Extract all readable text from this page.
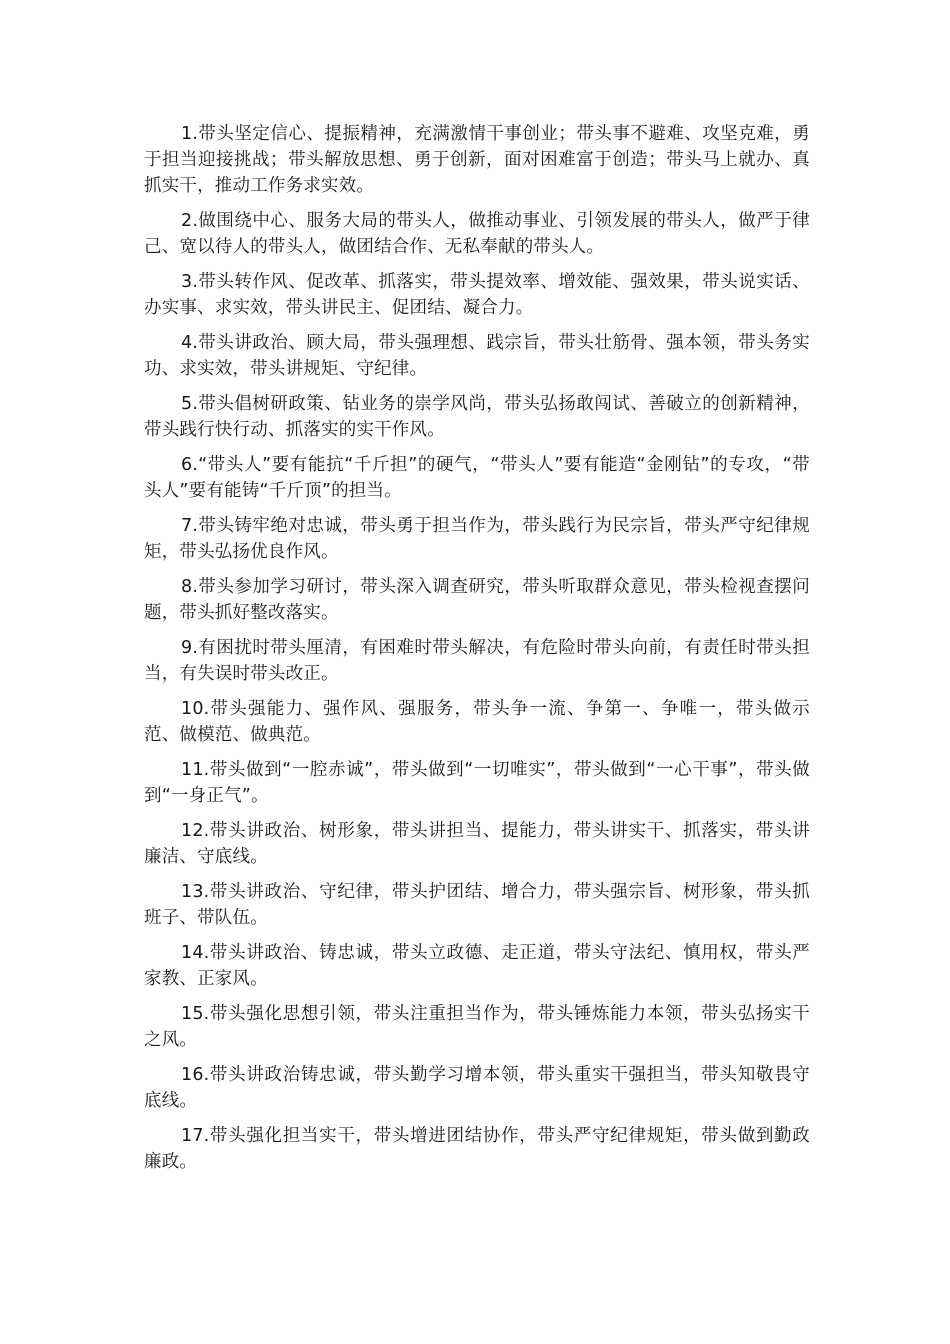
1.带头坚定信心、提振精神，充满激情干事创业；带头事不避难、攻坚克难，勇于担当迎接挑战；带头解放思想、勇于创新，面对困难富于创造；带头马上就办、真抓实干，推动工作务求实效。

2.做围绕中心、服务大局的带头人，做推动事业、引领发展的带头人，做严于律己、宽以待人的带头人，做团结合作、无私奉献的带头人。

3.带头转作风、促改革、抓落实，带头提效率、增效能、强效果，带头说实话、办实事、求实效，带头讲民主、促团结、凝合力。

4.带头讲政治、顾大局，带头强理想、践宗旨，带头壮筋骨、强本领，带头务实功、求实效，带头讲规矩、守纪律。

5.带头倡树研政策、钻业务的崇学风尚，带头弘扬敢闯试、善破立的创新精神，带头践行快行动、抓落实的实干作风。

6.“带头人”要有能抗“千斤担”的硬气，“带头人”要有能造“金刚钻”的专攻，“带头人”要有能铸“千斤顶”的担当。

7.带头铸牢绝对忠诚，带头勇于担当作为，带头践行为民宗旨，带头严守纪律规矩，带头弘扬优良作风。

8.带头参加学习研讨，带头深入调查研究，带头听取群众意见，带头检视查摆问题，带头抓好整改落实。

9.有困扰时带头厘清，有困难时带头解决，有危险时带头向前，有责任时带头担当，有失误时带头改正。

10.带头强能力、强作风、强服务，带头争一流、争第一、争唯一，带头做示范、做模范、做典范。

11.带头做到“一腔赤诚”，带头做到“一切唯实”，带头做到“一心干事”，带头做到“一身正气”。

12.带头讲政治、树形象，带头讲担当、提能力，带头讲实干、抓落实，带头讲廉洁、守底线。

13.带头讲政治、守纪律，带头护团结、增合力，带头强宗旨、树形象，带头抓班子、带队伍。

14.带头讲政治、铸忠诚，带头立政德、走正道，带头守法纪、慎用权，带头严家教、正家风。

15.带头强化思想引领，带头注重担当作为，带头锤炼能力本领，带头弘扬实干之风。

16.带头讲政治铸忠诚，带头勤学习增本领，带头重实干强担当，带头知敬畏守底线。

17.带头强化担当实干，带头增进团结协作，带头严守纪律规矩，带头做到勤政廉政。
